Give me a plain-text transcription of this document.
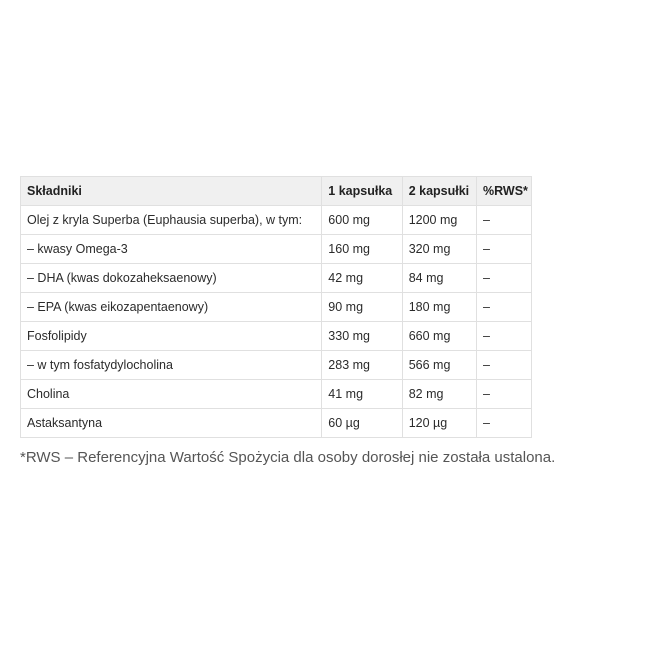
Składniki	1 kapsułka	2 kapsułki	%RWS*
Olej z kryla Superba (Euphausia superba), w tym:	600 mg	1200 mg	–
– kwasy Omega-3	160 mg	320 mg	–
– DHA (kwas dokozaheksaenowy)	42 mg	84 mg	–
– EPA (kwas eikozapentaenowy)	90 mg	180 mg	–
Fosfolipidy	330 mg	660 mg	–
– w tym fosfatydylocholina	283 mg	566 mg	–
Cholina	41 mg	82 mg	–
Astaksantyna	60 µg	120 µg	–

*RWS – Referencyjna Wartość Spożycia dla osoby dorosłej nie została ustalona.
